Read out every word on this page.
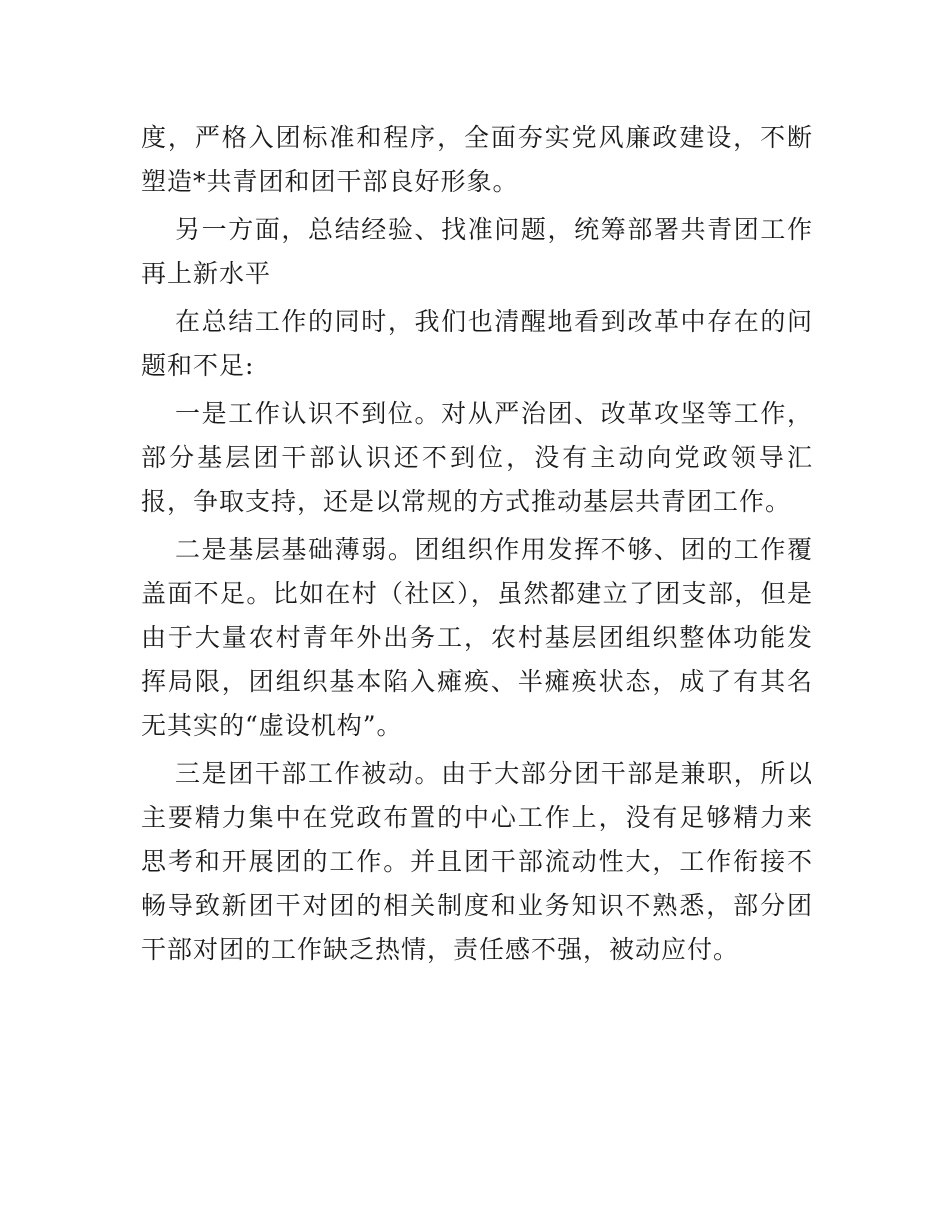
度，严格入团标准和程序，全面夯实党风廉政建设，不断塑造*共青团和团干部良好形象。

另一方面，总结经验、找准问题，统筹部署共青团工作再上新水平

在总结工作的同时，我们也清醒地看到改革中存在的问题和不足:

一是工作认识不到位。对从严治团、改革攻坚等工作，部分基层团干部认识还不到位，没有主动向党政领导汇报，争取支持，还是以常规的方式推动基层共青团工作。

二是基层基础薄弱。团组织作用发挥不够、团的工作覆盖面不足。比如在村（社区），虽然都建立了团支部，但是由于大量农村青年外出务工，农村基层团组织整体功能发挥局限，团组织基本陷入瘫痪、半瘫痪状态，成了有其名无其实的“虚设机构”。

三是团干部工作被动。由于大部分团干部是兼职，所以主要精力集中在党政布置的中心工作上，没有足够精力来思考和开展团的工作。并且团干部流动性大，工作衔接不畅导致新团干对团的相关制度和业务知识不熟悉，部分团干部对团的工作缺乏热情，责任感不强，被动应付。
